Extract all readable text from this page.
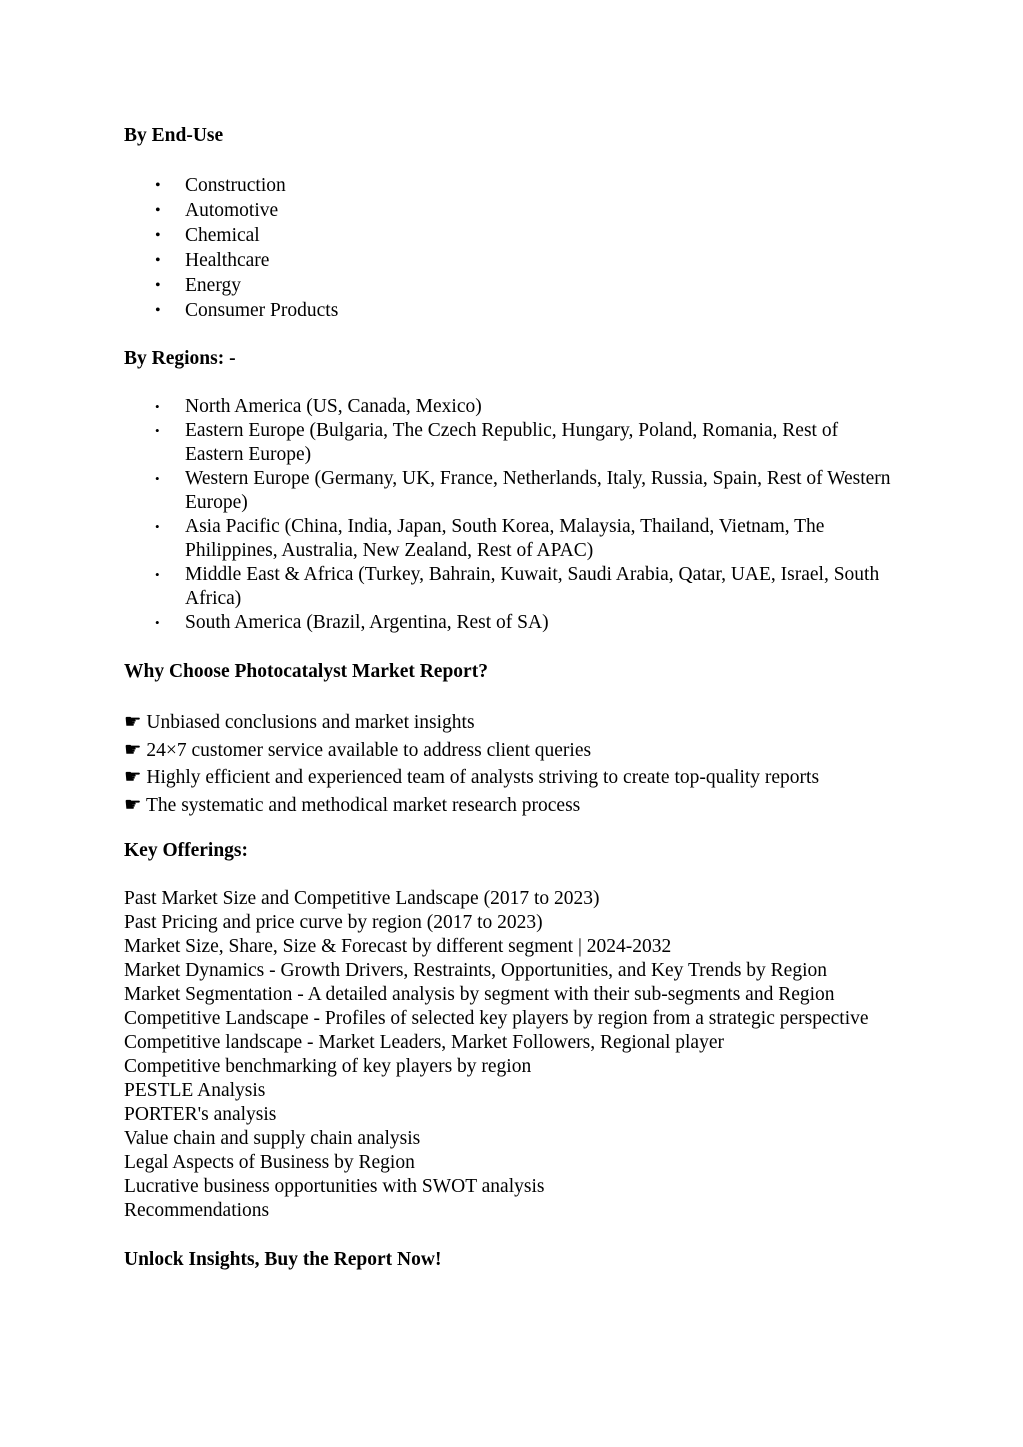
By End-Use
• Construction
• Automotive
• Chemical
• Healthcare
• Energy
• Consumer Products
By Regions: -
• North America (US, Canada, Mexico)
• Eastern Europe (Bulgaria, The Czech Republic, Hungary, Poland, Romania, Rest of Eastern Europe)
• Western Europe (Germany, UK, France, Netherlands, Italy, Russia, Spain, Rest of Western Europe)
• Asia Pacific (China, India, Japan, South Korea, Malaysia, Thailand, Vietnam, The Philippines, Australia, New Zealand, Rest of APAC)
• Middle East & Africa (Turkey, Bahrain, Kuwait, Saudi Arabia, Qatar, UAE, Israel, South Africa)
• South America (Brazil, Argentina, Rest of SA)
Why Choose Photocatalyst Market Report?
☛ Unbiased conclusions and market insights
☛ 24×7 customer service available to address client queries
☛ Highly efficient and experienced team of analysts striving to create top-quality reports
☛ The systematic and methodical market research process
Key Offerings:
Past Market Size and Competitive Landscape (2017 to 2023)
Past Pricing and price curve by region (2017 to 2023)
Market Size, Share, Size & Forecast by different segment | 2024-2032
Market Dynamics - Growth Drivers, Restraints, Opportunities, and Key Trends by Region
Market Segmentation - A detailed analysis by segment with their sub-segments and Region
Competitive Landscape - Profiles of selected key players by region from a strategic perspective
Competitive landscape - Market Leaders, Market Followers, Regional player
Competitive benchmarking of key players by region
PESTLE Analysis
PORTER's analysis
Value chain and supply chain analysis
Legal Aspects of Business by Region
Lucrative business opportunities with SWOT analysis
Recommendations
Unlock Insights, Buy the Report Now!
